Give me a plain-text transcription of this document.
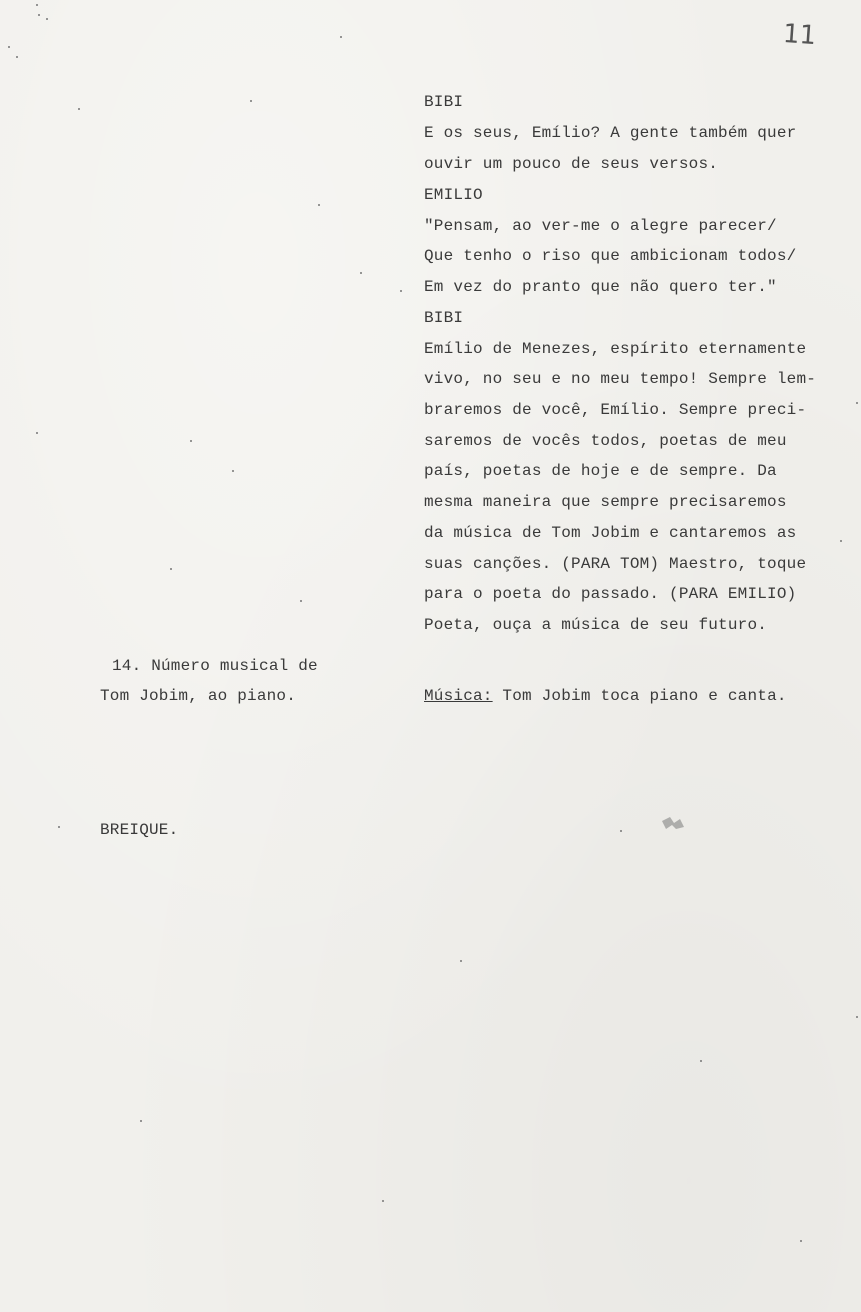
11
BIBI
E os seus, Emílio? A gente também quer
ouvir um pouco de seus versos.
EMILIO
"Pensam, ao ver-me o alegre parecer/
Que tenho o riso que ambicionam todos/
Em vez do pranto que não quero ter."
BIBI
Emílio de Menezes, espírito eternamente
vivo, no seu e no meu tempo! Sempre lem-
braremos de você, Emílio. Sempre preci-
saremos de vocês todos, poetas de meu
país, poetas de hoje e de sempre. Da
mesma maneira que sempre precisaremos
da música de Tom Jobim e cantaremos as
suas canções. (PARA TOM) Maestro, toque
para o poeta do passado. (PARA EMILIO)
Poeta, ouça a música de seu futuro.
14. Número musical de
Tom Jobim, ao piano.	Música: Tom Jobim toca piano e canta.
BREIQUE.
